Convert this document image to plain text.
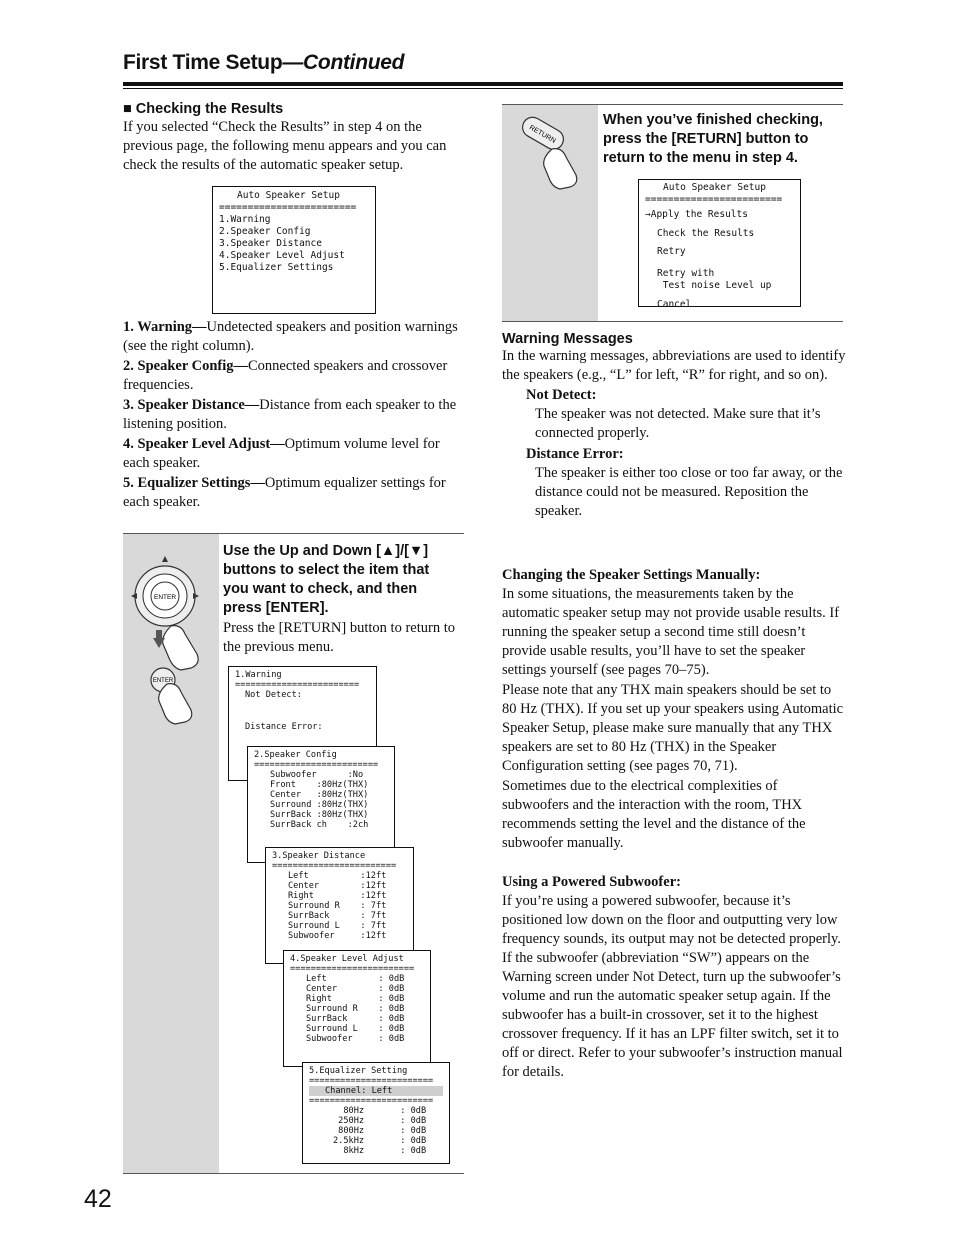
First Time Setup—Continued
■ Checking the Results
If you selected “Check the Results” in step 4 on the previous page, the following menu appears and you can check the results of the automatic speaker setup.
Auto Speaker Setup
========================
1.Warning
2.Speaker Config
3.Speaker Distance
4.Speaker Level Adjust
5.Equalizer Settings

1. Warning—Undetected speakers and position warnings (see the right column).

2. Speaker Config—Connected speakers and crossover frequencies.

3. Speaker Distance—Distance from each speaker to the listening position.

4. Speaker Level Adjust—Optimum volume level for each speaker.

5. Equalizer Settings—Optimum equalizer settings for each speaker.

ENTER
ENTER
Use the Up and Down [▲]/[▼] buttons to select the item that you want to check, and then press [ENTER].
Press the [RETURN] button to return to the previous menu.
1.Warning
========================
Not Detect:
Distance Error:
2.Speaker Config
========================
Subwoofer      :No
Front    :80Hz(THX)
Center   :80Hz(THX)
Surround :80Hz(THX)
SurrBack :80Hz(THX)
SurrBack ch    :2ch
3.Speaker Distance
========================
Left          :12ft
Center        :12ft
Right         :12ft
Surround R    : 7ft
SurrBack      : 7ft
Surround L    : 7ft
Subwoofer     :12ft
4.Speaker Level Adjust
========================
Left          : 0dB
Center        : 0dB
Right         : 0dB
Surround R    : 0dB
SurrBack      : 0dB
Surround L    : 0dB
Subwoofer     : 0dB
5.Equalizer Setting
========================
Channel: Left
========================
80Hz       : 0dB
250Hz       : 0dB
800Hz       : 0dB
2.5kHz       : 0dB
8kHz       : 0dB
RETURN
When you’ve finished checking, press the [RETURN] button to return to the menu in step 4.
Auto Speaker Setup
========================
→Apply the Results
Check the Results
Retry
Retry with
Test noise Level up
Cancel
Warning Messages
In the warning messages, abbreviations are used to identify the speakers (e.g., “L” for left, “R” for right, and so on).
Not Detect:
The speaker was not detected. Make sure that it’s connected properly.
Distance Error:
The speaker is either too close or too far away, or the distance could not be measured. Reposition the speaker.
Changing the Speaker Settings Manually:
In some situations, the measurements taken by the automatic speaker setup may not provide usable results. If running the speaker setup a second time still doesn’t provide usable results, you’ll have to set the speaker settings yourself (see pages 70–75).
Please note that any THX main speakers should be set to 80 Hz (THX). If you set up your speakers using Automatic Speaker Setup, please make sure manually that any THX speakers are set to 80 Hz (THX) in the Speaker Configuration setting (see pages 70, 71).
Sometimes due to the electrical complexities of subwoofers and the interaction with the room, THX recommends setting the level and the distance of the subwoofer manually.
Using a Powered Subwoofer:
If you’re using a powered subwoofer, because it’s positioned low down on the floor and outputting very low frequency sounds, its output may not be detected properly. If the subwoofer (abbreviation “SW”) appears on the Warning screen under Not Detect, turn up the subwoofer’s volume and run the automatic speaker setup again. If the subwoofer has a built-in crossover, set it to the highest crossover frequency. If it has an LPF filter switch, set it to off or direct. Refer to your subwoofer’s instruction manual for details.
42
